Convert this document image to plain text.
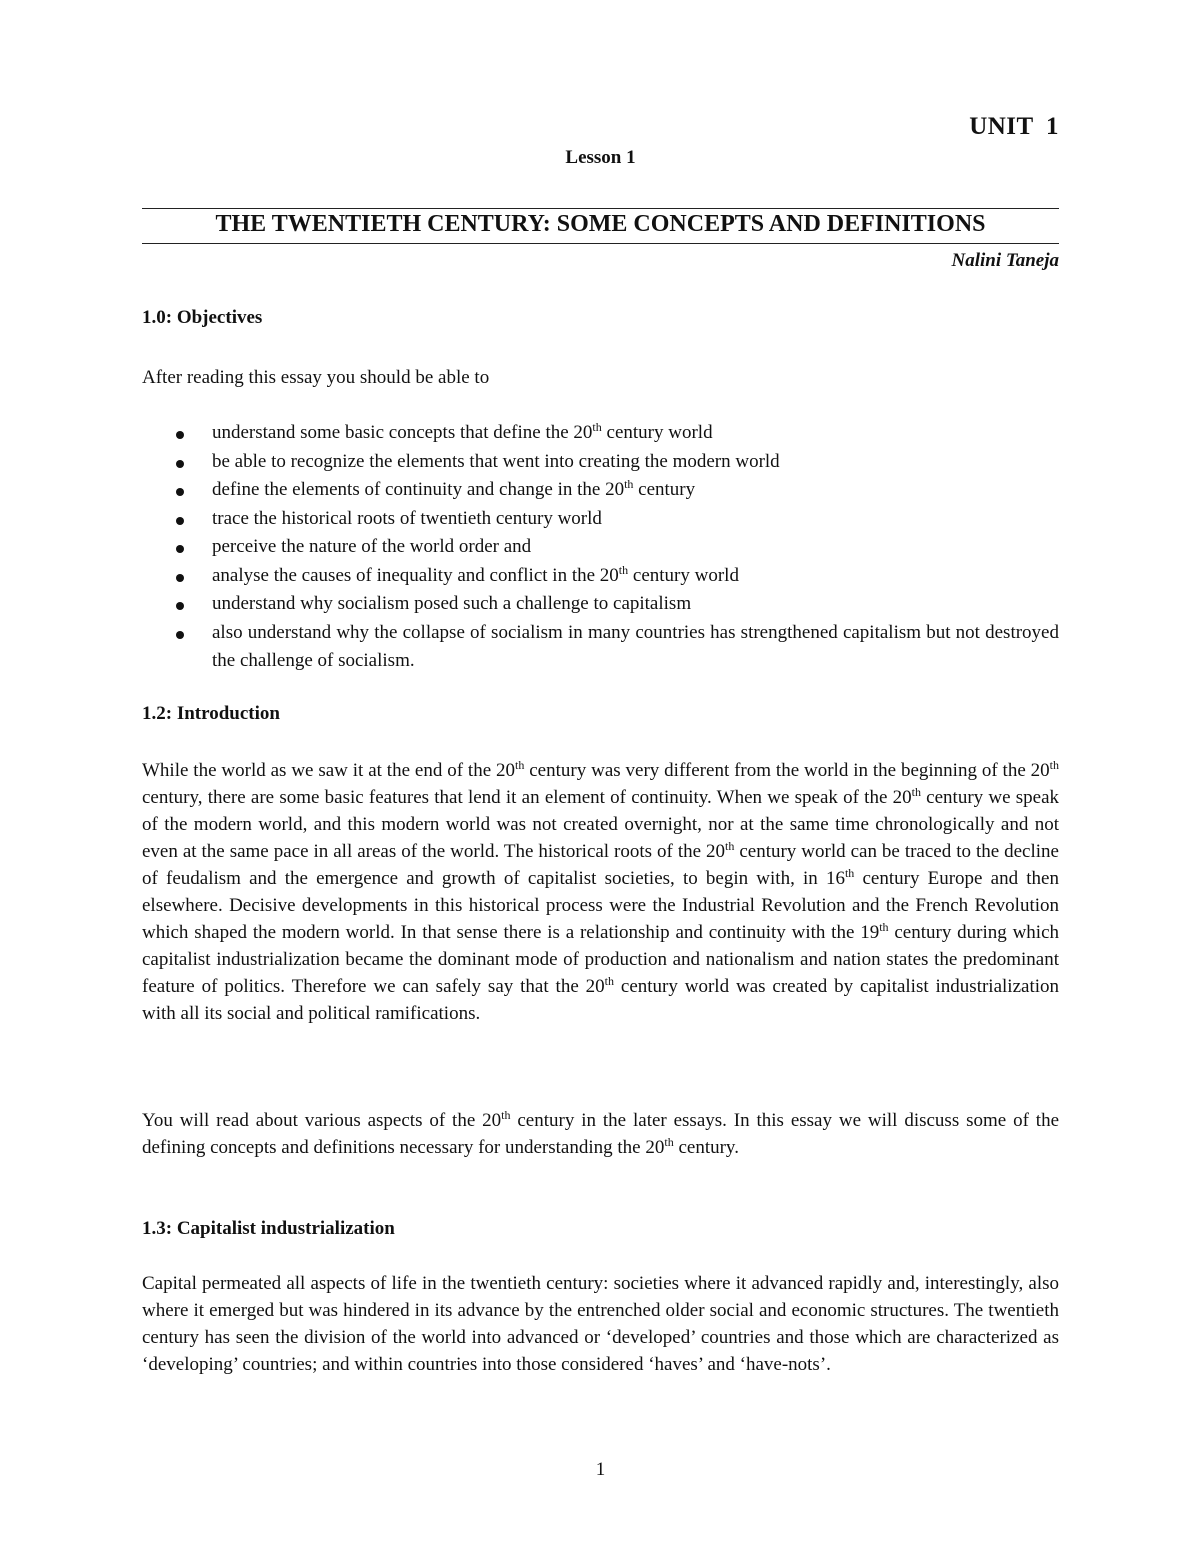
UNIT 1
Lesson 1
THE TWENTIETH CENTURY: SOME CONCEPTS AND DEFINITIONS
Nalini Taneja
1.0: Objectives

After reading this essay you should be able to

understand some basic concepts that define the 20th century world
be able to recognize the elements that went into creating the modern world
define the elements of continuity and change in the 20th century
trace the historical roots of twentieth century world
perceive the nature of the world order and
analyse the causes of inequality and conflict in the 20th century world
understand why socialism posed such a challenge to capitalism
also understand why the collapse of socialism in many countries has strengthened capitalism but not destroyed the challenge of socialism.
1.2: Introduction

While the world as we saw it at the end of the 20th century was very different from the world in the beginning of the 20th century, there are some basic features that lend it an element of continuity. When we speak of the 20th century we speak of the modern world, and this modern world was not created overnight, nor at the same time chronologically and not even at the same pace in all areas of the world. The historical roots of the 20th century world can be traced to the decline of feudalism and the emergence and growth of capitalist societies, to begin with, in 16th century Europe and then elsewhere. Decisive developments in this historical process were the Industrial Revolution and the French Revolution which shaped the modern world. In that sense there is a relationship and continuity with the 19th century during which capitalist industrialization became the dominant mode of production and nationalism and nation states the predominant feature of politics. Therefore we can safely say that the 20th century world was created by capitalist industrialization with all its social and political ramifications.

You will read about various aspects of the 20th century in the later essays. In this essay we will discuss some of the defining concepts and definitions necessary for understanding the 20th century.

1.3: Capitalist industrialization

Capital permeated all aspects of life in the twentieth century: societies where it advanced rapidly and, interestingly, also where it emerged but was hindered in its advance by the entrenched older social and economic structures. The twentieth century has seen the division of the world into advanced or ‘developed’ countries and those which are characterized as ‘developing’ countries; and within countries into those considered ‘haves’ and ‘have-nots’.

1
